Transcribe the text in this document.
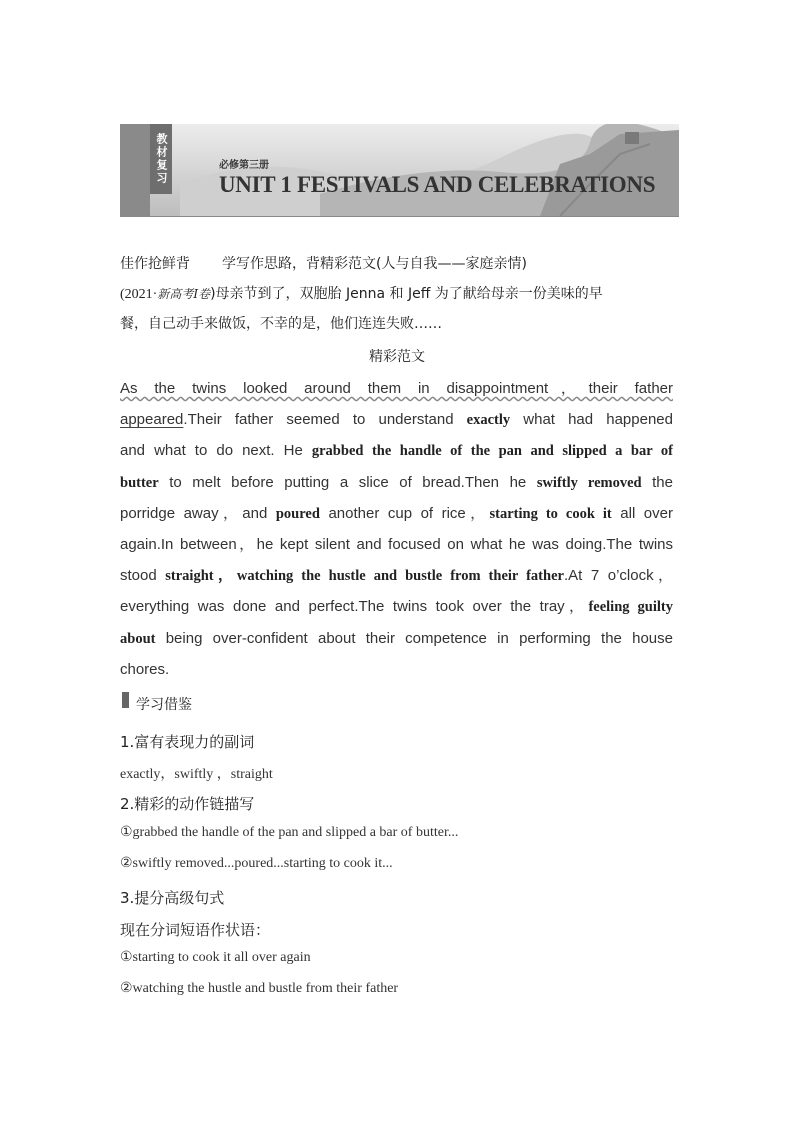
教材复习	必修第三册
UNIT 1 FESTIVALS AND CELEBRATIONS
佳作抢鲜背 学写作思路，背精彩范文(人与自我——家庭亲情)
(2021·新高考Ⅰ卷)母亲节到了，双胞胎 Jenna 和 Jeff 为了献给母亲一份美味的早
餐，自己动手来做饭，不幸的是，他们连连失败……
精彩范文
As the twins looked around them in disappointment，their father
appeared.Their father seemed to understand exactly what had happened
and what to do next. He grabbed the handle of the pan and slipped a bar of
butter to melt before putting a slice of bread.Then he swiftly removed the
porridge away，and poured another cup of rice，starting to cook it all over
again.In between，he kept silent and focused on what he was doing.The twins
stood straight，watching the hustle and bustle from their father.At 7 o’clock，
everything was done and perfect.The twins took over the tray，feeling guilty
about being over-confident about their competence in performing the house
chores.
学习借鉴
1.富有表现力的副词
exactly，swiftly ，straight
2.精彩的动作链描写
①grabbed the handle of the pan and slipped a bar of butter...
②swiftly removed...poured...starting to cook it...
3.提分高级句式
现在分词短语作状语：
①starting to cook it all over again
②watching the hustle and bustle from their father
